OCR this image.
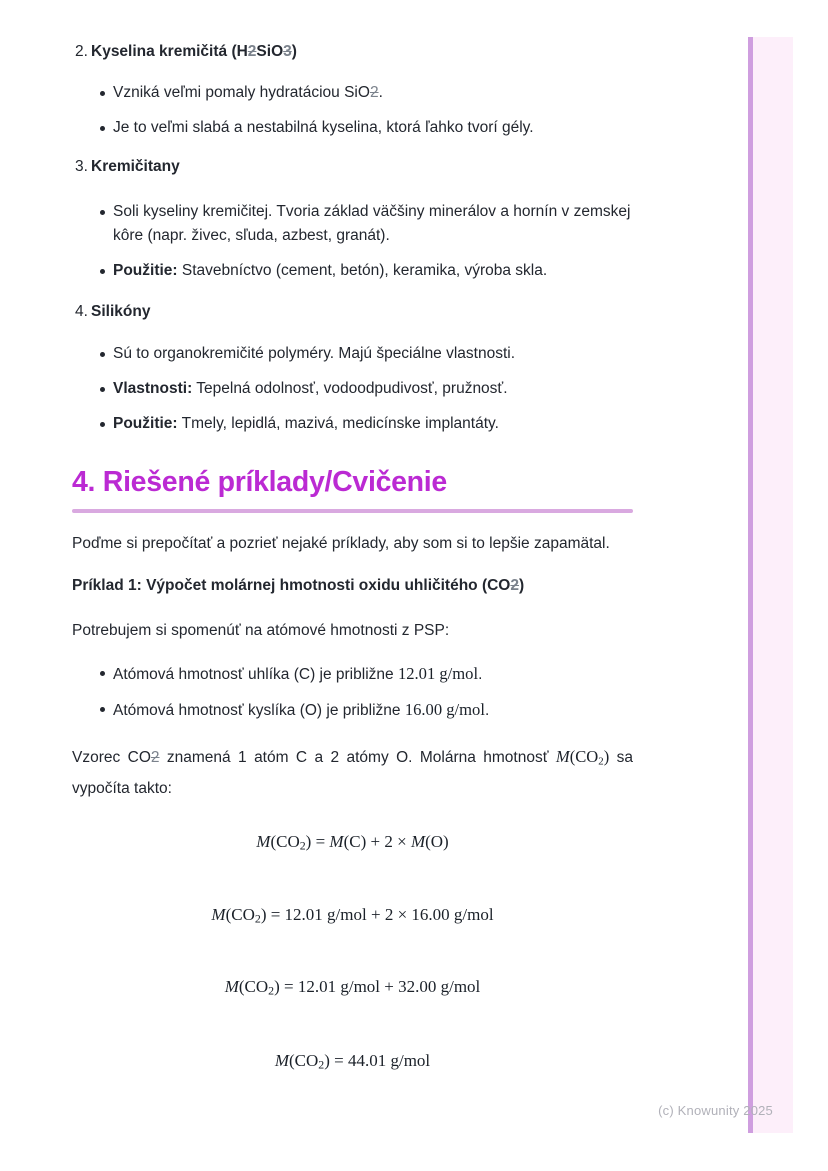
2. Kyselina kremičitá (H2SiO3)
Vzniká veľmi pomaly hydratáciou SiO2.
Je to veľmi slabá a nestabilná kyselina, ktorá ľahko tvorí gély.
3. Kremičitany
Soli kyseliny kremičitej. Tvoria základ väčšiny minerálov a hornín v zemskej kôre (napr. živec, sľuda, azbest, granát).
Použitie: Stavebníctvo (cement, betón), keramika, výroba skla.
4. Silikóny
Sú to organokremičité polyméry. Majú špeciálne vlastnosti.
Vlastnosti: Tepelná odolnosť, vodoodpudivosť, pružnosť.
Použitie: Tmely, lepidlá, mazivá, medicínske implantáty.
4. Riešené príklady/Cvičenie

Poďme si prepočítať a pozrieť nejaké príklady, aby som si to lepšie zapamätal.

Príklad 1: Výpočet molárnej hmotnosti oxidu uhličitého (CO2)

Potrebujem si spomenúť na atómové hmotnosti z PSP:

Atómová hmotnosť uhlíka (C) je približne 12.01 g/mol.
Atómová hmotnosť kyslíka (O) je približne 16.00 g/mol.

Vzorec CO2 znamená 1 atóm C a 2 atómy O. Molárna hmotnosť $M(CO_2)$ sa vypočíta takto:

$M(CO_2) = M(C) + 2 \times M(O)$
$M(CO_2) = 12.01$ g/mol + 2 × 16.00 g/mol
$M(CO_2) = 12.01$ g/mol + 32.00 g/mol
$M(CO_2) = 44.01$ g/mol
(c) Knowunity 2025
